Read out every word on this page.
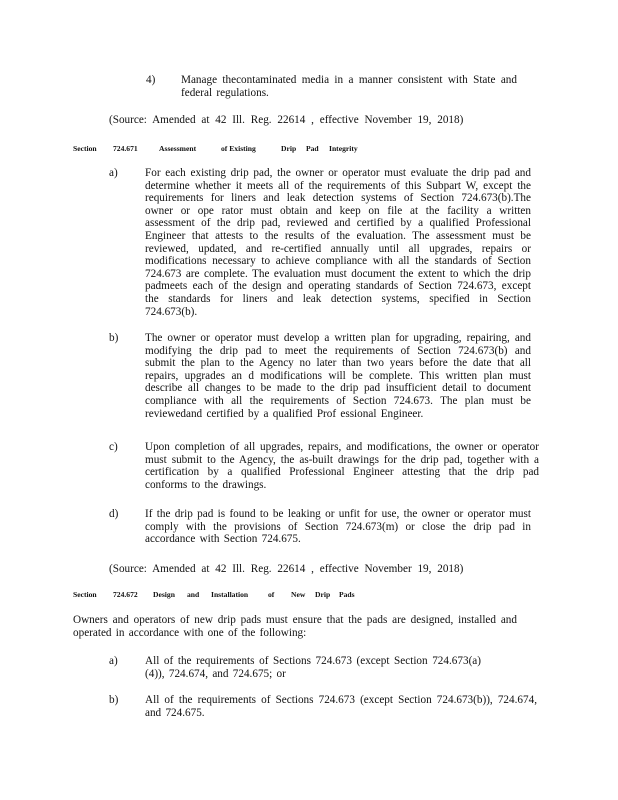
4) Manage thecontaminated media in a manner consistent with State and federal regulations.
(Source: Amended at 42 Ill. Reg. 22614 , effective November 19, 2018)
Section 724.671	Assessment	of Existing	Drip Pad Integrity
a) For each existing drip pad, the owner or operator must evaluate the drip pad and determine whether it meets all of the requirements of this Subpart W, except the requirements for liners and leak detection systems of Section 724.673(b).The owner or ope rator must obtain and keep on file at the facility a written assessment of the drip pad, reviewed and certified by a qualified Professional Engineer that attests to the results of the evaluation. The assessment must be reviewed, updated, and re-certified annually until all upgrades, repairs or modifications necessary to achieve compliance with all the standards of Section 724.673 are complete. The evaluation must document the extent to which the drip padmeets each of the design and operating standards of Section 724.673, except the standards for liners and leak detection systems, specified in Section 724.673(b).
b) The owner or operator must develop a written plan for upgrading, repairing, and modifying the drip pad to meet the requirements of Section 724.673(b) and submit the plan to the Agency no later than two years before the date that all repairs, upgrades an d modifications will be complete. This written plan must describe all changes to be made to the drip pad insufficient detail to document compliance with all the requirements of Section 724.673. The plan must be reviewedand certified by a qualified Prof essional Engineer.
c) Upon completion of all upgrades, repairs, and modifications, the owner or operator must submit to the Agency, the as-built drawings for the drip pad, together with a certification by a qualified Professional Engineer attesting that the drip pad conforms to the drawings.
d) If the drip pad is found to be leaking or unfit for use, the owner or operator must comply with the provisions of Section 724.673(m) or close the drip pad in accordance with Section 724.675.
(Source: Amended at 42 Ill. Reg. 22614 , effective November 19, 2018)
Section 724.672 Design and Installation	of New Drip Pads
Owners and operators of new drip pads must ensure that the pads are designed, installed and operated in accordance with one of the following:
a) All of the requirements of Sections 724.673 (except Section 724.673(a)(4)), 724.674, and 724.675; or
b) All of the requirements of Sections 724.673 (except Section 724.673(b)), 724.674, and 724.675.
